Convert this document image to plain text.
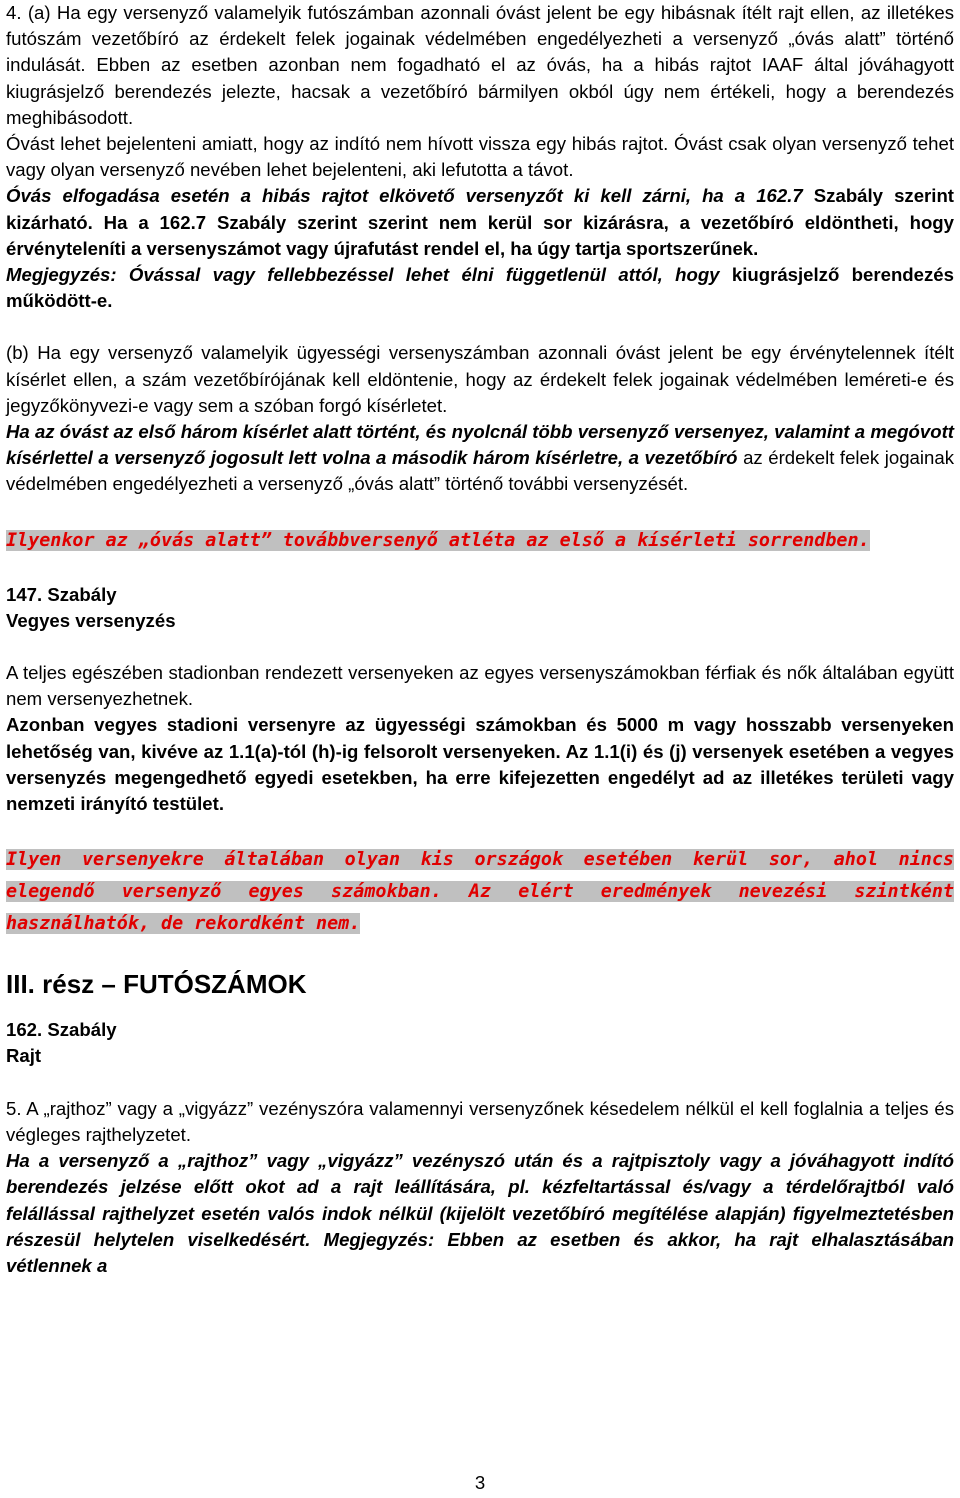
4. (a) Ha egy versenyző valamelyik futószámban azonnali óvást jelent be egy hibásnak ítélt rajt ellen, az illetékes futószám vezetőbíró az érdekelt felek jogainak védelmében engedélyezheti a versenyző „óvás alatt” történő indulását. Ebben az esetben azonban nem fogadható el az óvás, ha a hibás rajtot IAAF által jóváhagyott kiugrásjelző berendezés jelezte, hacsak a vezetőbíró bármilyen okból úgy nem értékeli, hogy a berendezés meghibásodott.

Óvást lehet bejelenteni amiatt, hogy az indító nem hívott vissza egy hibás rajtot. Óvást csak olyan versenyző tehet vagy olyan versenyző nevében lehet bejelenteni, aki lefutotta a távot.

Óvás elfogadása esetén a hibás rajtot elkövető versenyzőt ki kell zárni, ha a 162.7 Szabály szerint kizárható. Ha a 162.7 Szabály szerint szerint nem kerül sor kizárásra, a vezetőbíró eldöntheti, hogy érvényteleníti a versenyszámot vagy újrafutást rendel el, ha úgy tartja sportszerűnek.

Megjegyzés: Óvással vagy fellebbezéssel lehet élni függetlenül attól, hogy kiugrásjelző berendezés működött-e.

(b) Ha egy versenyző valamelyik ügyességi versenyszámban azonnali óvást jelent be egy érvénytelennek ítélt kísérlet ellen, a szám vezetőbírójának kell eldöntenie, hogy az érdekelt felek jogainak védelmében leméreti-e és jegyzőkönyvezi-e vagy sem a szóban forgó kísérletet.

Ha az óvást az első három kísérlet alatt történt, és nyolcnál több versenyző versenyez, valamint a megóvott kísérlettel a versenyző jogosult lett volna a második három kísérletre, a vezetőbíró az érdekelt felek jogainak védelmében engedélyezheti a versenyző „óvás alatt” történő további versenyzését.

Ilyenkor az „óvás alatt” továbbversenyő atléta az első a kísérleti sorrendben.

147. Szabály

Vegyes versenyzés

A teljes egészében stadionban rendezett versenyeken az egyes versenyszámokban férfiak és nők általában együtt nem versenyezhetnek.

Azonban vegyes stadioni versenyre az ügyességi számokban és 5000 m vagy hosszabb versenyeken lehetőség van, kivéve az 1.1(a)-tól (h)-ig felsorolt versenyeken. Az 1.1(i) és (j) versenyek esetében a vegyes versenyzés megengedhető egyedi esetekben, ha erre kifejezetten engedélyt ad az illetékes területi vagy nemzeti irányító testület.

Ilyen versenyekre általában olyan kis országok esetében kerül sor, ahol nincs elegendő versenyző egyes számokban. Az elért eredmények nevezési szintként használhatók, de rekordként nem.

III. rész – FUTÓSZÁMOK

162. Szabály

Rajt

5. A „rajthoz” vagy a „vigyázz” vezényszóra valamennyi versenyzőnek késedelem nélkül el kell foglalnia a teljes és végleges rajthelyzetet.

Ha a versenyző a „rajthoz” vagy „vigyázz” vezényszó után és a rajtpisztoly vagy a jóváhagyott indító berendezés jelzése előtt okot ad a rajt leállítására, pl. kézfeltartással és/vagy a térdelőrajtból való felállással rajthelyzet esetén valós indok nélkül (kijelölt vezetőbíró megítélése alapján) figyelmeztetésben részesül helytelen viselkedésért. Megjegyzés: Ebben az esetben és akkor, ha rajt elhalasztásában vétlennek a

3
